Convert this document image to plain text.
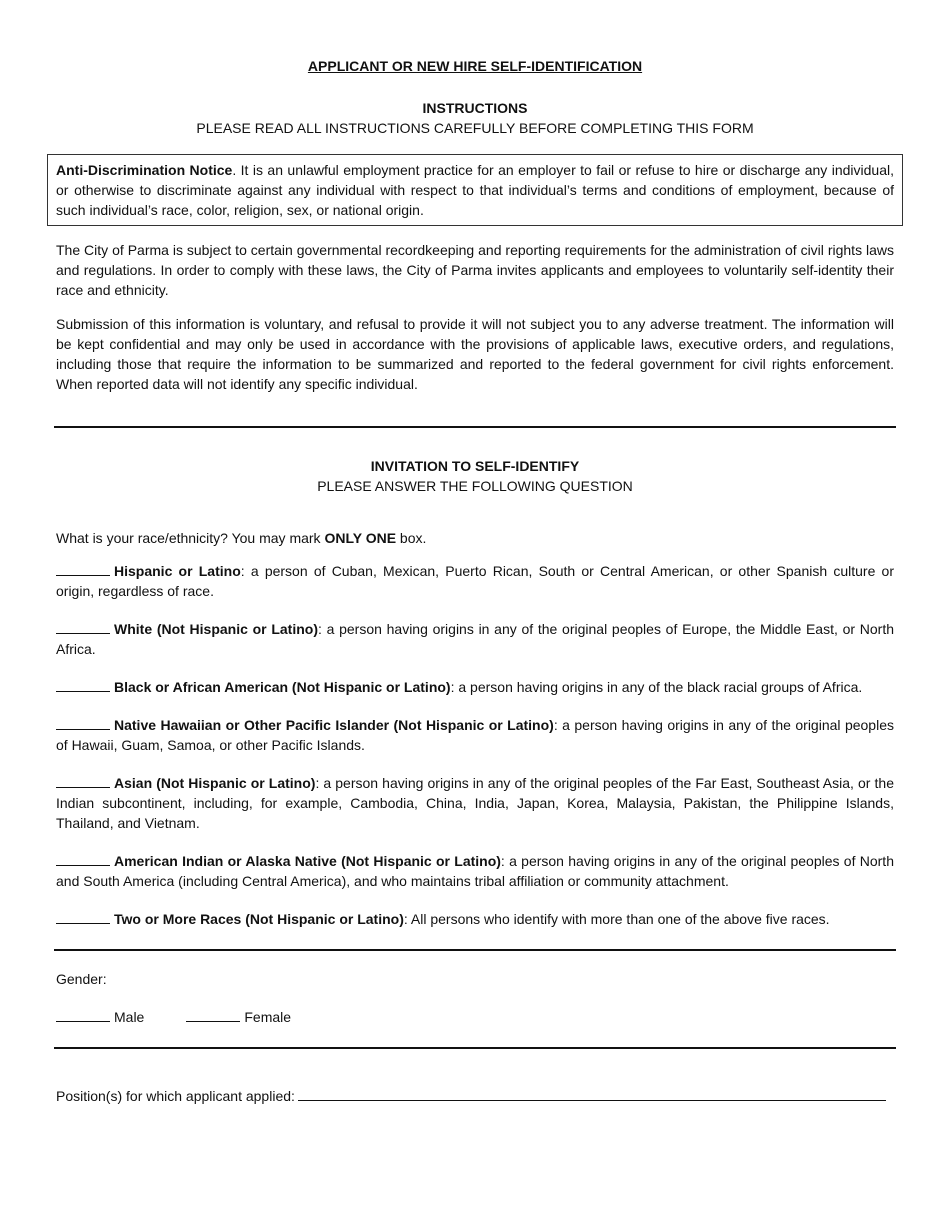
APPLICANT OR NEW HIRE SELF-IDENTIFICATION

INSTRUCTIONS

PLEASE READ ALL INSTRUCTIONS CAREFULLY BEFORE COMPLETING THIS FORM

Anti-Discrimination Notice. It is an unlawful employment practice for an employer to fail or refuse to hire or discharge any individual, or otherwise to discriminate against any individual with respect to that individual’s terms and conditions of employment, because of such individual’s race, color, religion, sex, or national origin.

The City of Parma is subject to certain governmental recordkeeping and reporting requirements for the administration of civil rights laws and regulations. In order to comply with these laws, the City of Parma invites applicants and employees to voluntarily self-identity their race and ethnicity.

Submission of this information is voluntary, and refusal to provide it will not subject you to any adverse treatment. The information will be kept confidential and may only be used in accordance with the provisions of applicable laws, executive orders, and regulations, including those that require the information to be summarized and reported to the federal government for civil rights enforcement. When reported data will not identify any specific individual.

INVITATION TO SELF-IDENTIFY

PLEASE ANSWER THE FOLLOWING QUESTION

What is your race/ethnicity? You may mark ONLY ONE box.

Hispanic or Latino: a person of Cuban, Mexican, Puerto Rican, South or Central American, or other Spanish culture or origin, regardless of race.

White (Not Hispanic or Latino): a person having origins in any of the original peoples of Europe, the Middle East, or North Africa.

Black or African American (Not Hispanic or Latino): a person having origins in any of the black racial groups of Africa.

Native Hawaiian or Other Pacific Islander (Not Hispanic or Latino): a person having origins in any of the original peoples of Hawaii, Guam, Samoa, or other Pacific Islands.

Asian (Not Hispanic or Latino): a person having origins in any of the original peoples of the Far East, Southeast Asia, or the Indian subcontinent, including, for example, Cambodia, China, India, Japan, Korea, Malaysia, Pakistan, the Philippine Islands, Thailand, and Vietnam.

American Indian or Alaska Native (Not Hispanic or Latino): a person having origins in any of the original peoples of North and South America (including Central America), and who maintains tribal affiliation or community attachment.

Two or More Races (Not Hispanic or Latino): All persons who identify with more than one of the above five races.

Gender:

Male	Female

Position(s) for which applicant applied:
